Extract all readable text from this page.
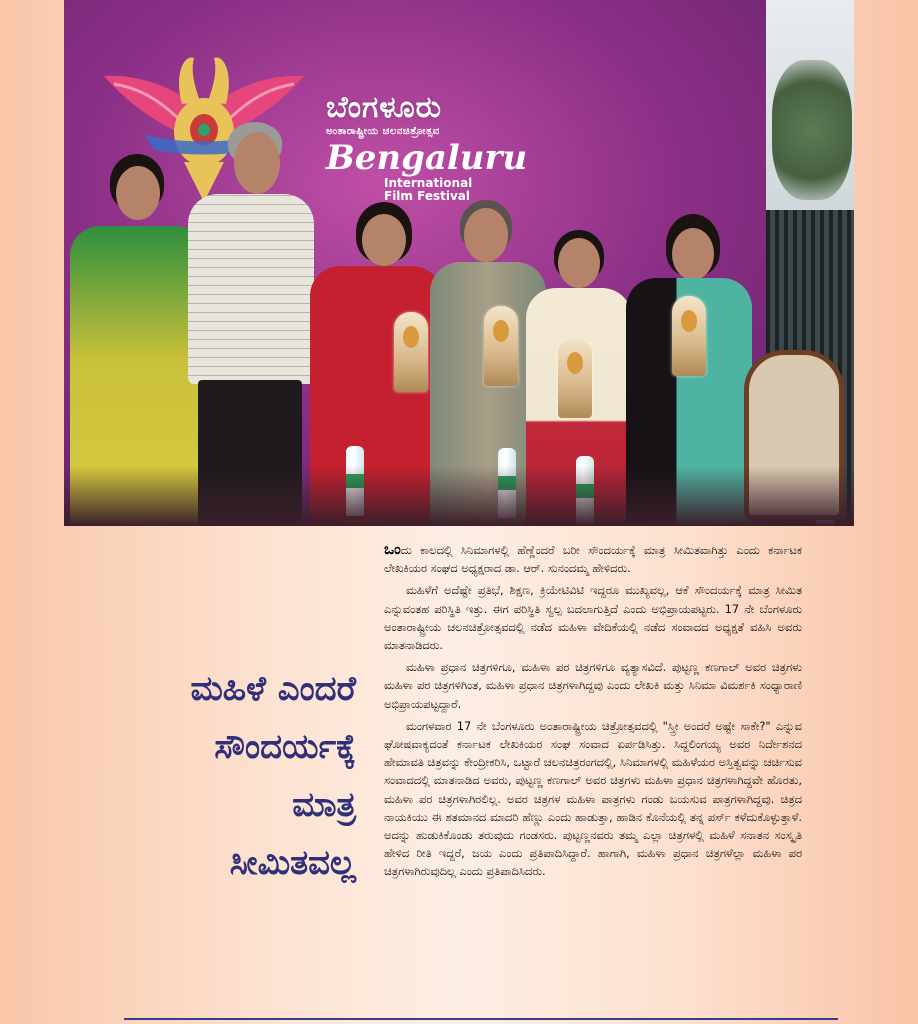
ಬೆಂಗಳೂರು
ಅಂತಾರಾಷ್ಟ್ರೀಯ ಚಲನಚಿತ್ರೋತ್ಸವ
Bengaluru
International
Film Festival
ಮಹಿಳೆ ಎಂದರೆ
ಸೌಂದರ್ಯಕ್ಕೆ
ಮಾತ್ರ
ಸೀಮಿತವಲ್ಲ

ಒಂದು ಕಾಲದಲ್ಲಿ ಸಿನಿಮಾಗಳಲ್ಲಿ ಹೆಣ್ಣೆಂದರೆ ಬರೀ ಸೌಂದರ್ಯಕ್ಕೆ ಮಾತ್ರ ಸೀಮಿತವಾಗಿತ್ತು ಎಂದು ಕರ್ನಾಟಕ ಲೇಖಕಿಯರ ಸಂಘದ ಅಧ್ಯಕ್ಷರಾದ ಡಾ. ಆರ್. ಸುನಂದಮ್ಮ ಹೇಳಿದರು.

ಮಹಿಳೆಗೆ ಅದೆಷ್ಟೇ ಪ್ರತಿಭೆ, ಶಿಕ್ಷಣ, ಕ್ರಿಯೇಟಿವಿಟಿ ಇದ್ದರೂ ಮುಖ್ಯವಲ್ಲ, ಆಕೆ ಸೌಂದರ್ಯಕ್ಕೆ ಮಾತ್ರ ಸೀಮಿತ ಎನ್ನುವಂತಹ ಪರಿಸ್ಥಿತಿ ಇತ್ತು. ಈಗ ಪರಿಸ್ಥಿತಿ ಸ್ವಲ್ಪ ಬದಲಾಗುತ್ತಿದೆ ಎಂದು ಅಭಿಪ್ರಾಯಪಟ್ಟರು. 17 ನೇ ಬೆಂಗಳೂರು ಅಂತಾರಾಷ್ಟ್ರೀಯ ಚಲನಚಿತ್ರೋತ್ಸವದಲ್ಲಿ ನಡೆದ ಮಹಿಳಾ ವೇದಿಕೆಯಲ್ಲಿ ನಡೆದ ಸಂವಾದದ ಅಧ್ಯಕ್ಷತೆ ವಹಿಸಿ ಅವರು ಮಾತನಾಡಿದರು.

ಮಹಿಳಾ ಪ್ರಧಾನ ಚಿತ್ರಗಳಿಗೂ, ಮಹಿಳಾ ಪರ ಚಿತ್ರಗಳಿಗೂ ವ್ಯತ್ಯಾಸವಿದೆ. ಪುಟ್ಟಣ್ಣ ಕಣಗಾಲ್ ಅವರ ಚಿತ್ರಗಳು ಮಹಿಳಾ ಪರ ಚಿತ್ರಗಳಿಗಿಂತ, ಮಹಿಳಾ ಪ್ರಧಾನ ಚಿತ್ರಗಳಾಗಿದ್ದವು ಎಂದು ಲೇಖಕಿ ಮತ್ತು ಸಿನಿಮಾ ವಿಮರ್ಶಕಿ ಸಂಧ್ಯಾರಾಣಿ ಅಭಿಪ್ರಾಯಪಟ್ಟದ್ದಾರೆ.

ಮಂಗಳವಾರ 17 ನೇ ಬೆಂಗಳೂರು ಅಂತಾರಾಷ್ಟ್ರೀಯ ಚಿತ್ರೋತ್ಸವದಲ್ಲಿ "ಸ್ತ್ರೀ ಅಂದರೆ ಅಷ್ಟೇ ಸಾಕೇ?" ಎನ್ನುವ ಘೋಷವಾಕ್ಯದಂತೆ ಕರ್ನಾಟಕ ಲೇಖಕಿಯರ ಸಂಘ ಸಂವಾದ ಏರ್ಪಡಿಸಿತ್ತು. ಸಿದ್ದಲಿಂಗಯ್ಯ ಅವರ ನಿರ್ದೇಶನದ ಹೇಮಾವತಿ ಚಿತ್ರವನ್ನು ಕೇಂದ್ರೀಕರಿಸಿ, ಒಟ್ಟಾರೆ ಚಲನಚಿತ್ರರಂಗದಲ್ಲಿ, ಸಿನಿಮಾಗಳಲ್ಲಿ ಮಹಿಳೆಯರ ಅಸ್ತಿತ್ವವನ್ನು ಚರ್ಚಿಸುವ ಸಂವಾದದಲ್ಲಿ ಮಾತನಾಡಿದ ಅವರು, ಪುಟ್ಟಣ್ಣ ಕಣಗಾಲ್ ಅವರ ಚಿತ್ರಗಳು ಮಹಿಳಾ ಪ್ರಧಾನ ಚಿತ್ರಗಳಾಗಿದ್ದವೇ ಹೊರತು, ಮಹಿಳಾ ಪರ ಚಿತ್ರಗಳಾಗಿರಲಿಲ್ಲ. ಅವರ ಚಿತ್ರಗಳ ಮಹಿಳಾ ಪಾತ್ರಗಳು ಗಂಡು ಬಯಸುವ ಪಾತ್ರಗಳಾಗಿದ್ದವು. ಚಿತ್ರದ ನಾಯಕಿಯು ಈ ಶತಮಾನದ ಮಾದರಿ ಹೆಣ್ಣು ಎಂದು ಹಾಡುತ್ತಾ, ಹಾಡಿನ ಕೊನೆಯಲ್ಲಿ ತನ್ನ ಪರ್ಸ್ ಕಳೆದುಕೊಳ್ಳುತ್ತಾಳೆ. ಅದನ್ನು ಹುಡುಕಿಕೊಂಡು ತರುವುದು ಗಂಡಸರು. ಪುಟ್ಟಣ್ಣನವರು ತಮ್ಮ ಎಲ್ಲಾ ಚಿತ್ರಗಳಲ್ಲಿ ಮಹಿಳೆ ಸನಾತನ ಸಂಸ್ಕೃತಿ ಹೇಳಿದ ರೀತಿ ಇದ್ದರೆ, ಜಯ ಎಂದು ಪ್ರತಿಪಾದಿಸಿದ್ದಾರೆ. ಹಾಗಾಗಿ, ಮಹಿಳಾ ಪ್ರಧಾನ ಚಿತ್ರಗಳೆಲ್ಲಾ ಮಹಿಳಾ ಪರ ಚಿತ್ರಗಳಾಗಿರುವುದಿಲ್ಲ ಎಂದು ಪ್ರತಿಪಾದಿಸಿದರು.
